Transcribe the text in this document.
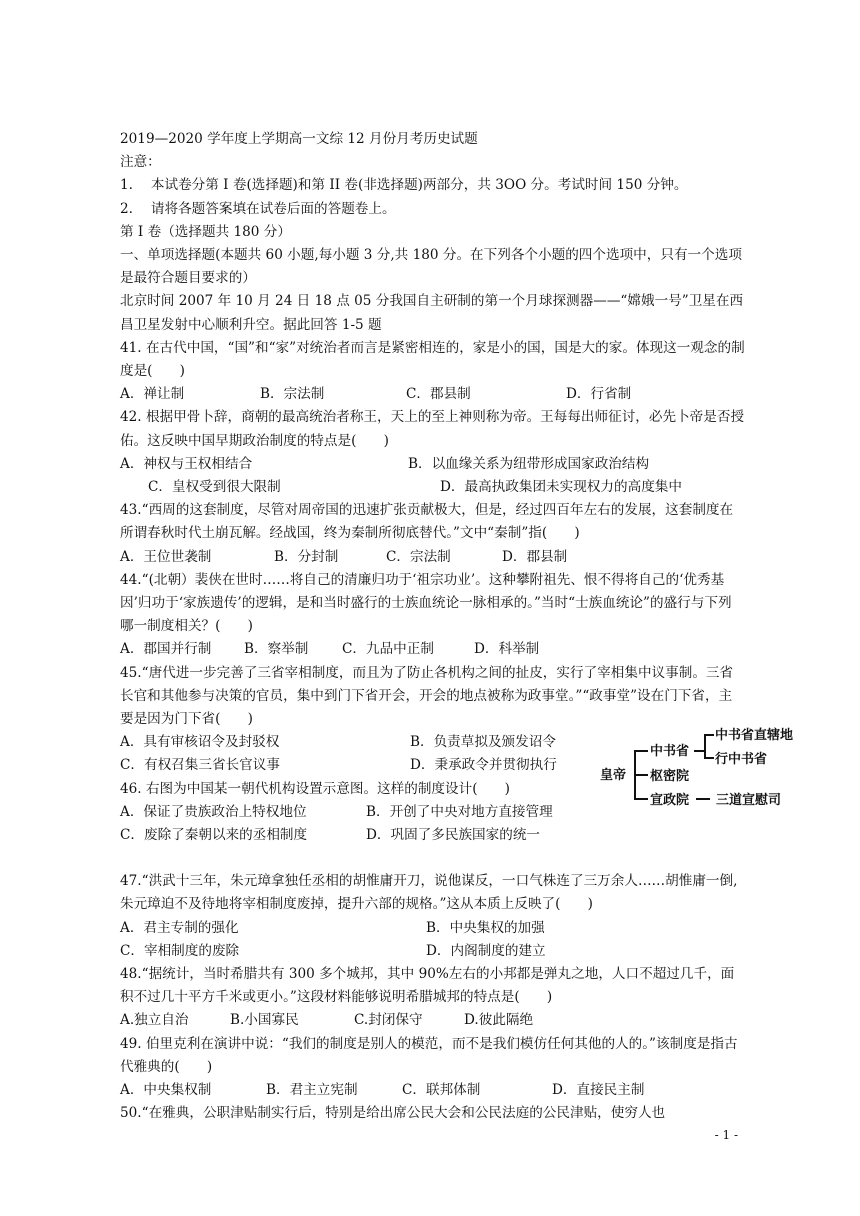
2019—2020 学年度上学期高一文综 12 月份月考历史试题
注意：
1.　 本试卷分第 I 卷(选择题)和第 II 卷(非选择题)两部分，共 3OO 分。考试时间 150 分钟。
2.　 请将各题答案填在试卷后面的答题卷上。
第 I 卷（选择题共 180 分）
一、单项选择题(本题共 60 小题,每小题 3 分,共 180 分。在下列各个小题的四个选项中，只有一个选项是最符合题目要求的）
北京时间 2007 年 10 月 24 日 18 点 05 分我国自主研制的第一个月球探测器——“嫦娥一号”卫星在西昌卫星发射中心顺利升空。据此回答 1-5 题
41. 在古代中国，“国”和“家”对统治者而言是紧密相连的，家是小的国，国是大的家。体现这一观念的制度是(　　)
A．禅让制	B．宗法制	C．郡县制	D．行省制
42. 根据甲骨卜辞，商朝的最高统治者称王，天上的至上神则称为帝。王每每出师征讨，必先卜帝是否授佑。这反映中国早期政治制度的特点是(　　)
A．神权与王权相结合	B．以血缘关系为纽带形成国家政治结构
C．皇权受到很大限制	D．最高执政集团未实现权力的高度集中
43.“西周的这套制度，尽管对周帝国的迅速扩张贡献极大，但是，经过四百年左右的发展，这套制度在所谓春秋时代土崩瓦解。经战国，终为秦制所彻底替代。”文中“秦制”指(　　)
A．王位世袭制	B．分封制	C．宗法制	D．郡县制
44.“(北朝）裴侠在世时……将自己的清廉归功于‘祖宗功业’。这种攀附祖先、恨不得将自己的‘优秀基因’归功于‘家族遗传’的逻辑，是和当时盛行的士族血统论一脉相承的。”当时“士族血统论”的盛行与下列哪一制度相关？(　　)
A．郡国并行制	B．察举制	C．九品中正制	D．科举制
45.“唐代进一步完善了三省宰相制度，而且为了防止各机构之间的扯皮，实行了宰相集中议事制。三省长官和其他参与决策的官员，集中到门下省开会，开会的地点被称为政事堂。”“政事堂”设在门下省，主要是因为门下省(　　)
A．具有审核诏令及封驳权	B．负责草拟及颁发诏令
C．有权召集三省长官议事	D．秉承政令并贯彻执行
46. 右图为中国某一朝代机构设置示意图。这样的制度设计(　　)
A．保证了贵族政治上特权地位	B．开创了中央对地方直接管理
C．废除了秦朝以来的丞相制度	D．巩固了多民族国家的统一
47.“洪武十三年，朱元璋拿独任丞相的胡惟庸开刀，说他谋反，一口气株连了三万余人……胡惟庸一倒,朱元璋迫不及待地将宰相制度废掉，提升六部的规格。”这从本质上反映了(　　)
A．君主专制的强化	B．中央集权的加强
C．宰相制度的废除	D．内阁制度的建立
48.“据统计，当时希腊共有 300 多个城邦，其中 90%左右的小邦都是弹丸之地，人口不超过几千，面积不过几十平方千米或更小。”这段材料能够说明希腊城邦的特点是(　　)
A.独立自治	B.小国寡民	C.封闭保守	D.彼此隔绝
49. 伯里克利在演讲中说：“我们的制度是别人的模范，而不是我们模仿任何其他的人的。”该制度是指古代雅典的(　　)
A．中央集权制	B．君主立宪制	C．联邦体制	D．直接民主制
50.“在雅典，公职津贴制实行后，特别是给出席公民大会和公民法庭的公民津贴，使穷人也
皇帝
中书省
枢密院
宣政院
中书省直辖地
行中书省
三道宣慰司
- 1 -
